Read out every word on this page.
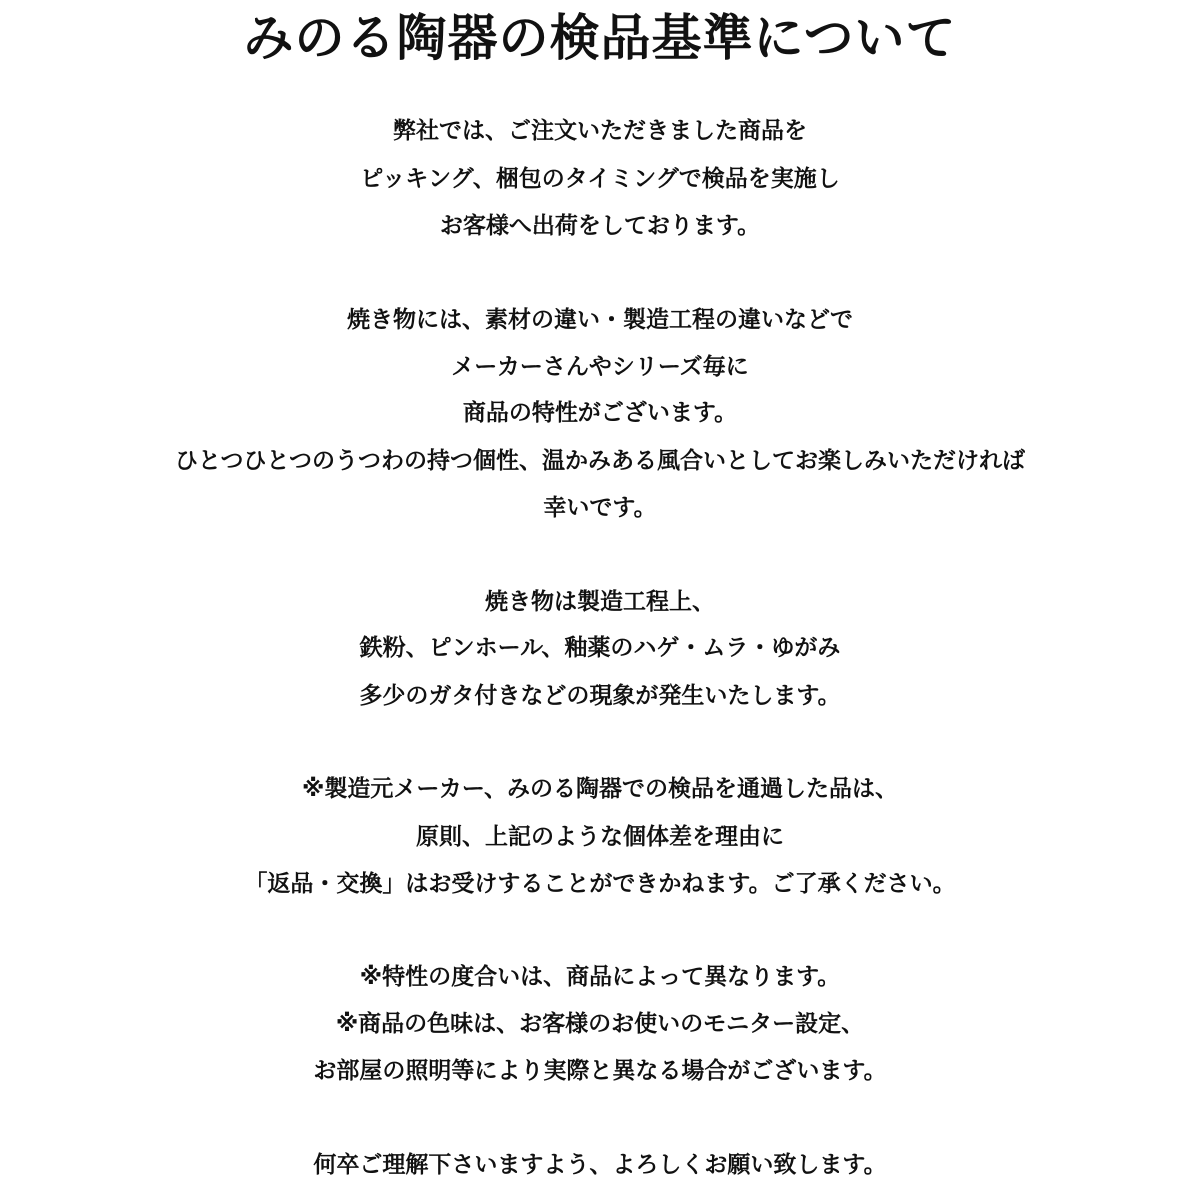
みのる陶器の検品基準について

弊社では、ご注文いただきました商品を

ピッキング、梱包のタイミングで検品を実施し

お客様へ出荷をしております。

焼き物には、素材の違い・製造工程の違いなどで

メーカーさんやシリーズ毎に

商品の特性がございます。

ひとつひとつのうつわの持つ個性、温かみある風合いとしてお楽しみいただければ

幸いです。

焼き物は製造工程上、

鉄粉、ピンホール、釉薬のハゲ・ムラ・ゆがみ

多少のガタ付きなどの現象が発生いたします。

※製造元メーカー、みのる陶器での検品を通過した品は、

原則、上記のような個体差を理由に

「返品・交換」はお受けすることができかねます。ご了承ください。

※特性の度合いは、商品によって異なります。

※商品の色味は、お客様のお使いのモニター設定、

お部屋の照明等により実際と異なる場合がございます。

何卒ご理解下さいますよう、よろしくお願い致します。
